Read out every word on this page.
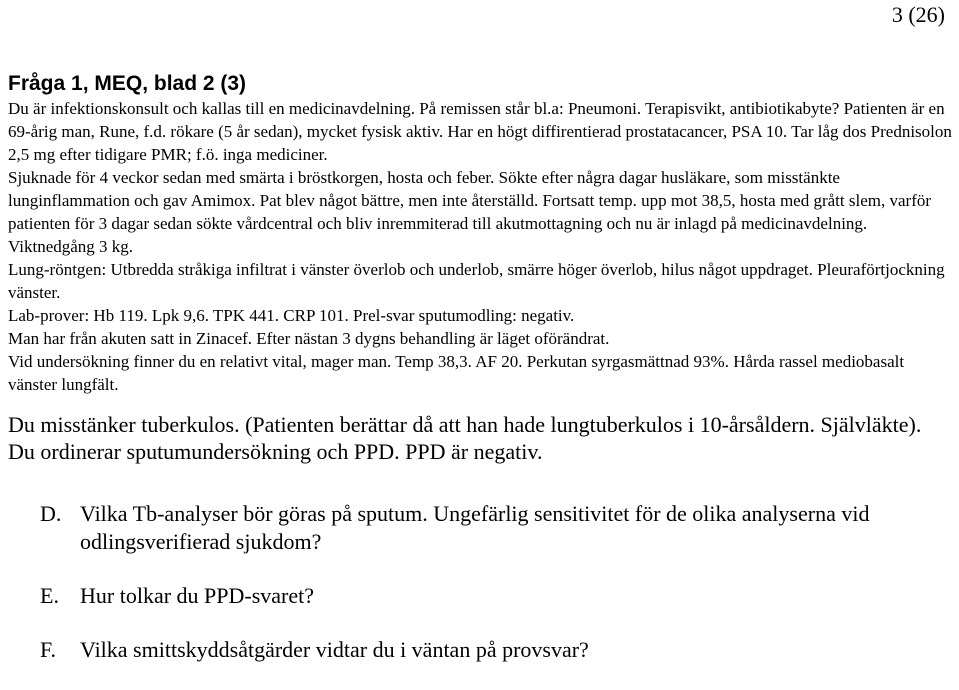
3 (26)
Fråga 1, MEQ, blad 2 (3)

Du är infektionskonsult och kallas till en medicinavdelning. På remissen står bl.a: Pneumoni. Terapisvikt, antibiotikabyte? Patienten är en 69-årig man, Rune, f.d. rökare (5 år sedan), mycket fysisk aktiv. Har en högt diffirentierad prostatacancer, PSA 10. Tar låg dos Prednisolon 2,5 mg efter tidigare PMR; f.ö. inga mediciner.

Sjuknade för 4 veckor sedan med smärta i bröstkorgen, hosta och feber. Sökte efter några dagar husläkare, som misstänkte lunginflammation och gav Amimox. Pat blev något bättre, men inte återställd. Fortsatt temp. upp mot 38,5, hosta med grått slem, varför patienten för 3 dagar sedan sökte vårdcentral och bliv inremmiterad till akutmottagning och nu är inlagd på medicinavdelning. Viktnedgång 3 kg.

Lung-röntgen: Utbredda stråkiga infiltrat i vänster överlob och underlob, smärre höger överlob, hilus något uppdraget. Pleuraförtjockning vänster.

Lab-prover: Hb 119. Lpk 9,6. TPK 441. CRP 101. Prel-svar sputumodling: negativ.

Man har från akuten satt in Zinacef. Efter nästan 3 dygns behandling är läget oförändrat.

Vid undersökning finner du en relativt vital, mager man. Temp 38,3. AF 20. Perkutan syrgasmättnad 93%. Hårda rassel mediobasalt vänster lungfält.

Du misstänker tuberkulos. (Patienten berättar då att han hade lungtuberkulos i 10-årsåldern. Självläkte). Du ordinerar sputumundersökning och PPD. PPD är negativ.

D. Vilka Tb-analyser bör göras på sputum. Ungefärlig sensitivitet för de olika analyserna vid odlingsverifierad sjukdom?
E. Hur tolkar du PPD-svaret?
F.	Vilka smittskyddsåtgärder vidtar du i väntan på provsvar?
